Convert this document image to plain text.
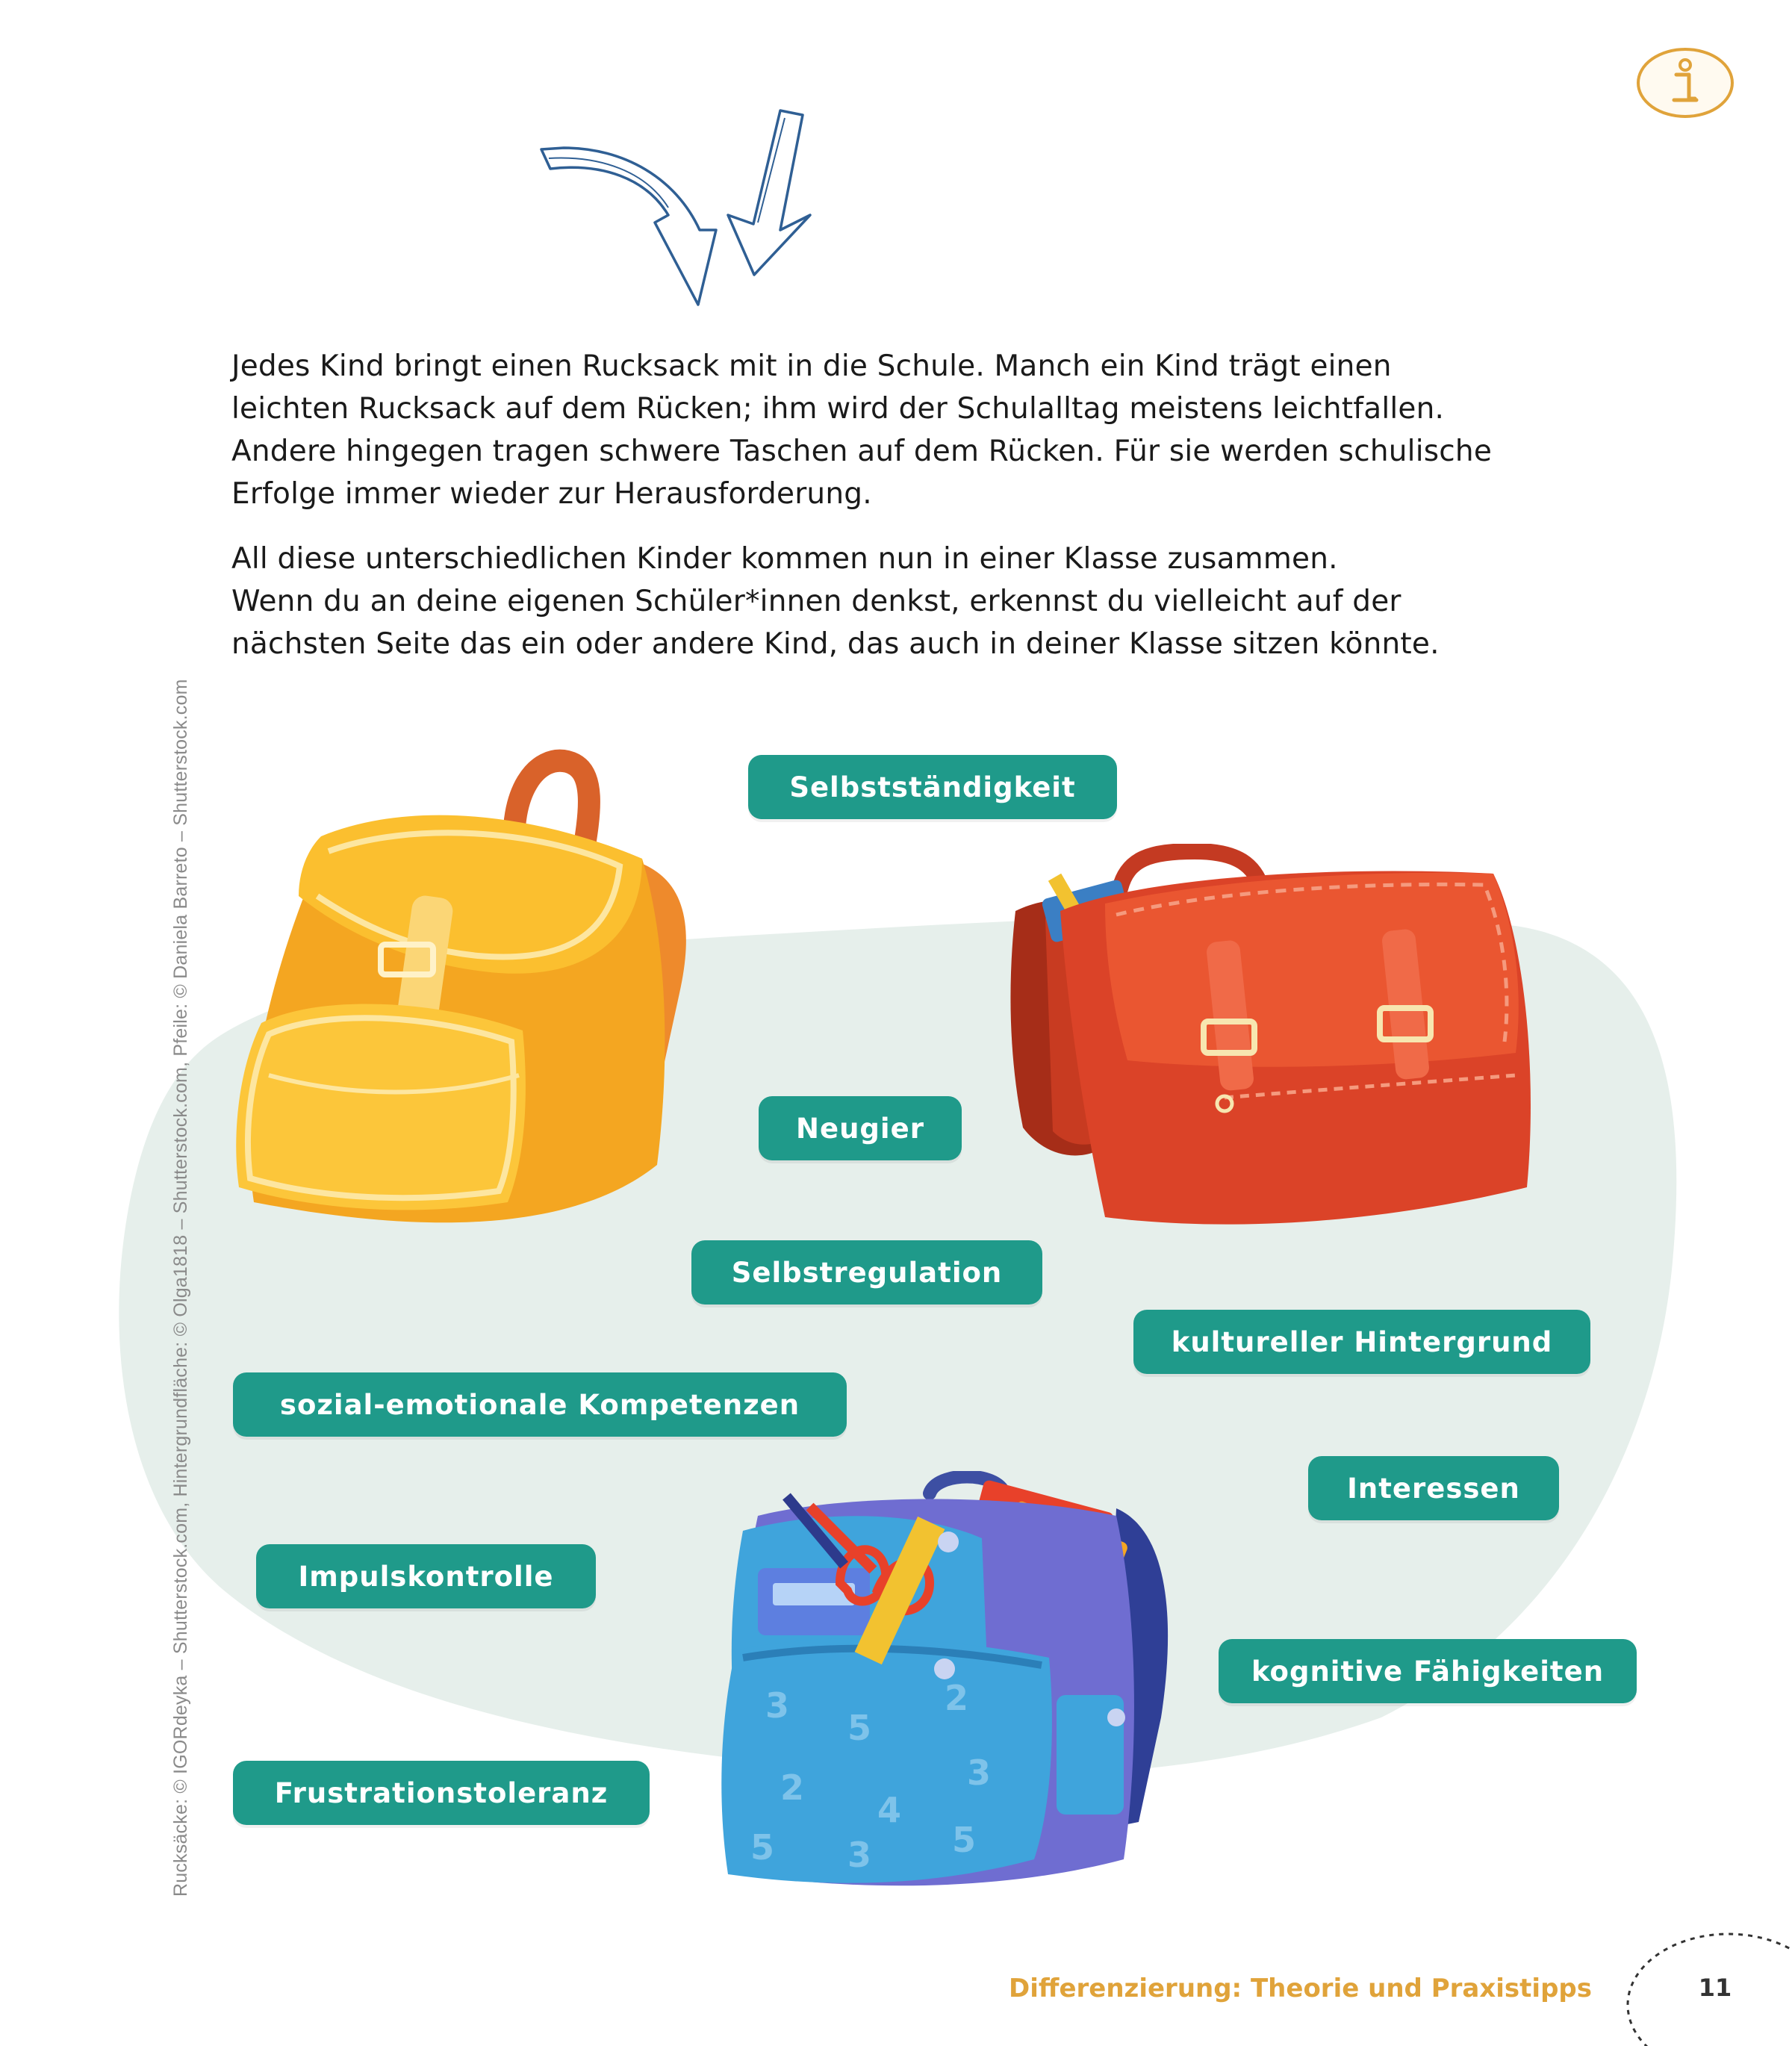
Jedes Kind bringt einen Rucksack mit in die Schule. Manch ein Kind trägt einen
leichten Rucksack auf dem Rücken; ihm wird der Schulalltag meistens leichtfallen.
Andere hingegen tragen schwere Taschen auf dem Rücken. Für sie werden schulische
Erfolge immer wieder zur Herausforderung.

All diese unterschiedlichen Kinder kommen nun in einer Klasse zusammen.
Wenn du an deine eigenen Schüler*innen denkst, erkennst du vielleicht auf der
nächsten Seite das ein oder andere Kind, das auch in deiner Klasse sitzen könnte.

3
5
2
2
4
3
5 3 5
Selbstständigkeit
Neugier
Selbstregulation
kultureller Hintergrund
sozial-emotionale Kompetenzen
Interessen
Impulskontrolle
kognitive Fähigkeiten
Frustrationstoleranz
Rucksäcke: © IGORdeyka – Shutterstock.com, Hintergrundfläche: © Olga1818 – Shutterstock.com, Pfeile: © Daniela Barreto – Shutterstock.com
Differenzierung: Theorie und Praxistipps	11
